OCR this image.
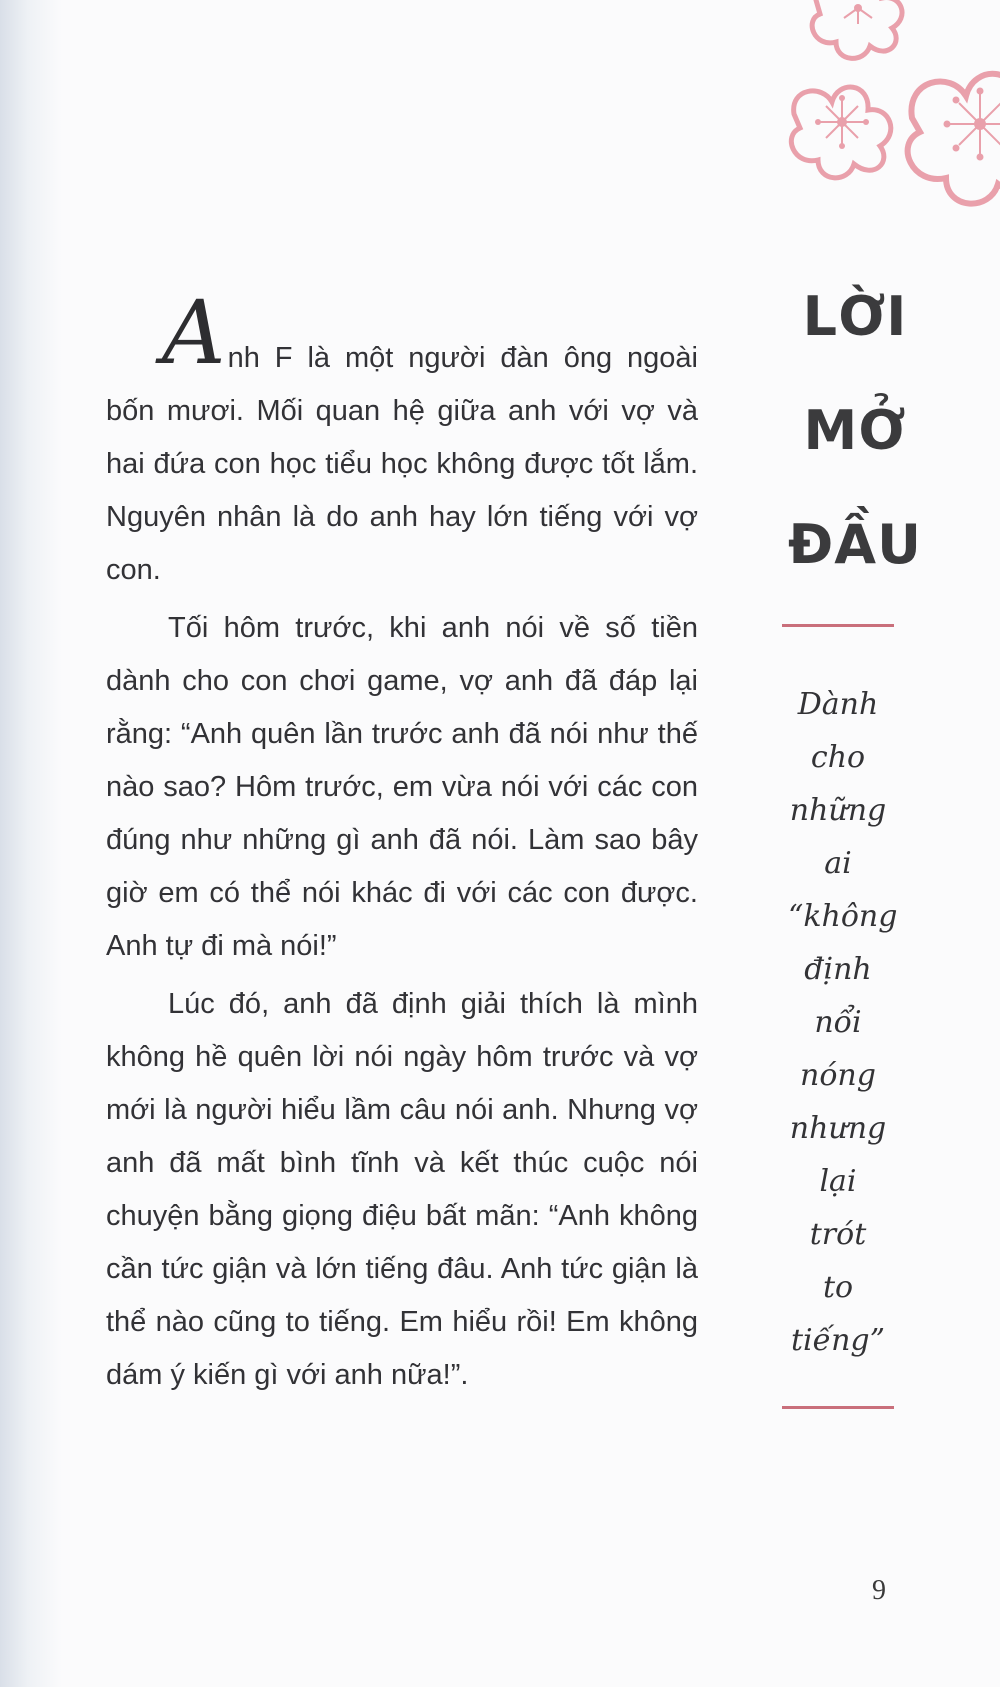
Anh F là một người đàn ông ngoài bốn mươi. Mối quan hệ giữa anh với vợ và hai đứa con học tiểu học không được tốt lắm. Nguyên nhân là do anh hay lớn tiếng với vợ con.

Tối hôm trước, khi anh nói về số tiền dành cho con chơi game, vợ anh đã đáp lại rằng: “Anh quên lần trước anh đã nói như thế nào sao? Hôm trước, em vừa nói với các con đúng như những gì anh đã nói. Làm sao bây giờ em có thể nói khác đi với các con được. Anh tự đi mà nói!”

Lúc đó, anh đã định giải thích là mình không hề quên lời nói ngày hôm trước và vợ mới là người hiểu lầm câu nói anh. Nhưng vợ anh đã mất bình tĩnh và kết thúc cuộc nói chuyện bằng giọng điệu bất mãn: “Anh không cần tức giận và lớn tiếng đâu. Anh tức giận là thể nào cũng to tiếng. Em hiểu rồi! Em không dám ý kiến gì với anh nữa!”.

LỜI
MỞ
ĐẦU
Dành
cho
những
ai
“không
định
nổi
nóng
nhưng
lại
trót
to
tiếng”
9
